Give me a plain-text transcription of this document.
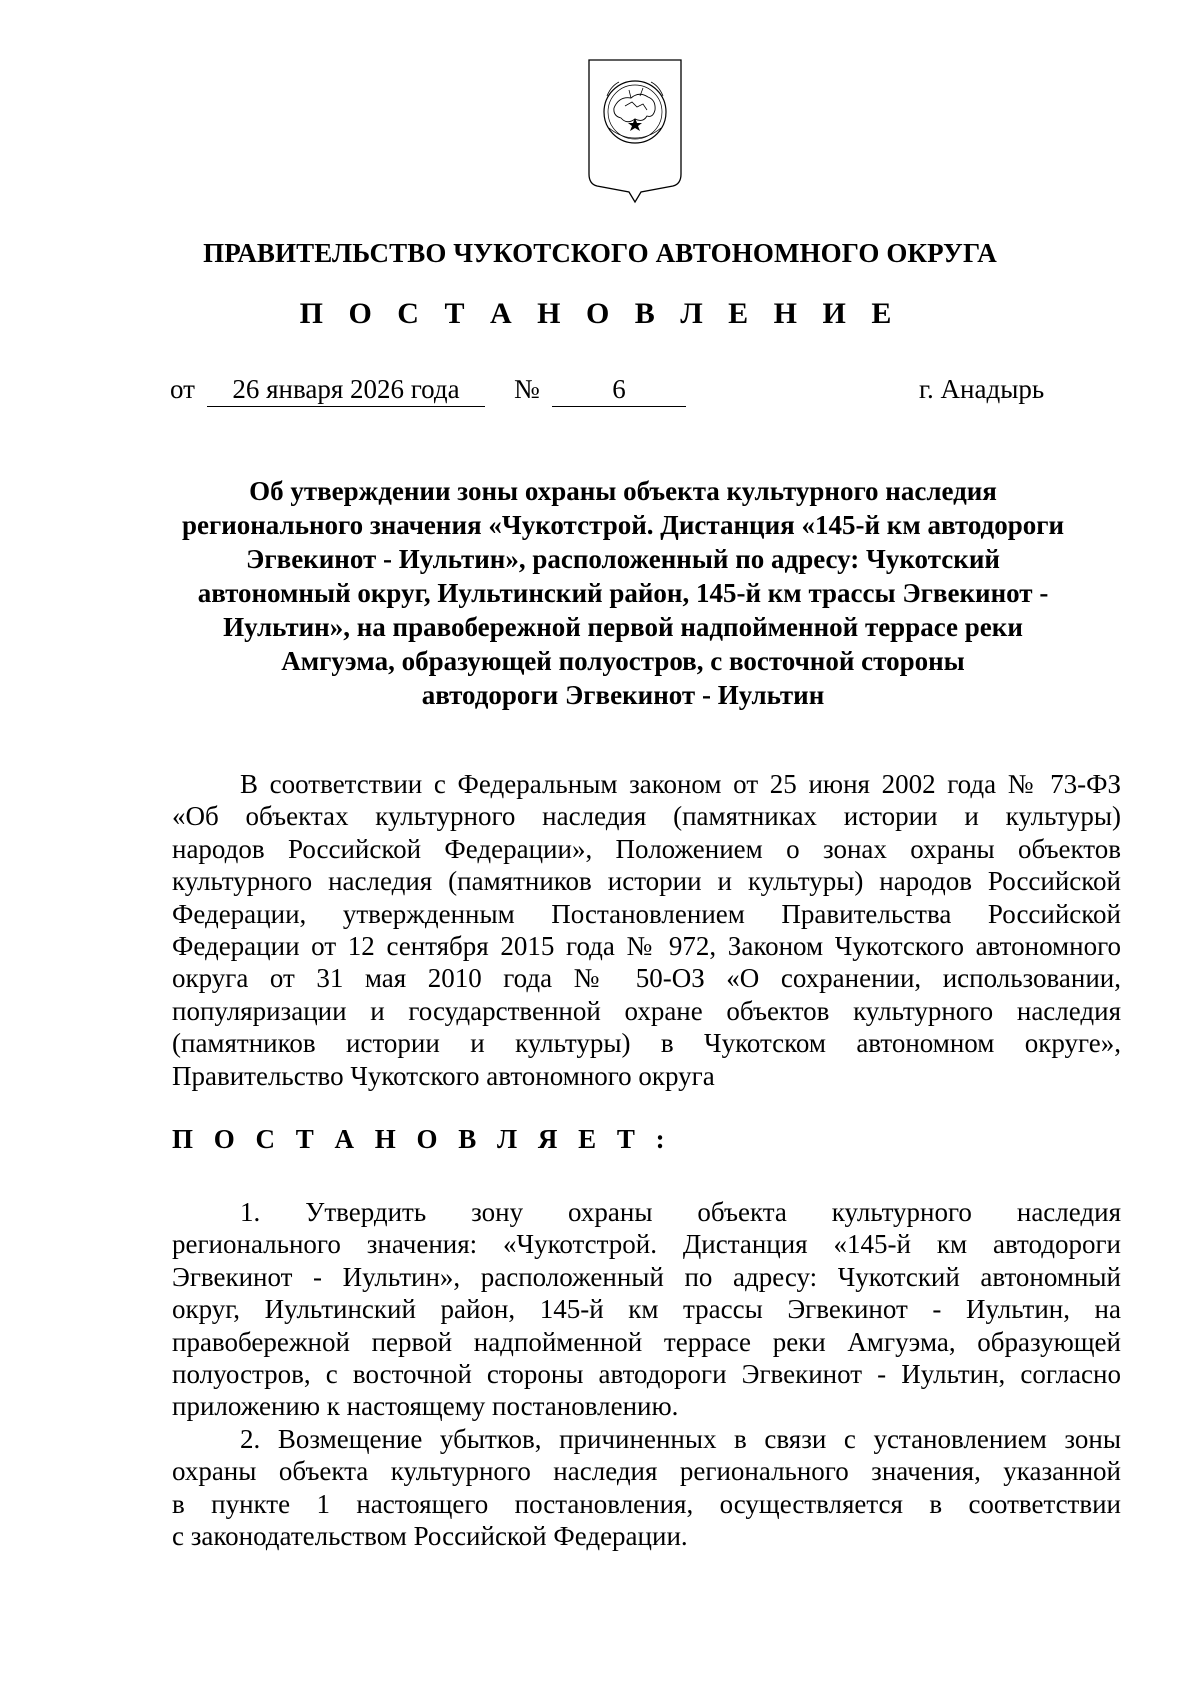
ПРАВИТЕЛЬСТВО ЧУКОТСКОГО АВТОНОМНОГО ОКРУГА
П О С Т А Н О В Л Е Н И Е
от	26 января 2026 года	№	6	г. Анадырь
Об утверждении зоны охраны объекта культурного наследия
регионального значения «Чукотстрой. Дистанция «145-й км автодороги
Эгвекинот - Иультин», расположенный по адресу: Чукотский
автономный округ, Иультинский район, 145-й км трассы Эгвекинот -
Иультин», на правобережной первой надпойменной террасе реки
Амгуэма, образующей полуостров, с восточной стороны
автодороги Эгвекинот - Иультин
В соответствии с Федеральным законом от 25 июня 2002 года № 73-ФЗ
«Об объектах культурного наследия (памятниках истории и культуры)
народов Российской Федерации», Положением о зонах охраны объектов
культурного наследия (памятников истории и культуры) народов Российской
Федерации, утвержденным Постановлением Правительства Российской
Федерации от 12 сентября 2015 года № 972, Законом Чукотского автономного
округа от 31 мая 2010 года № 50-ОЗ «О сохранении, использовании,
популяризации и государственной охране объектов культурного наследия
(памятников истории и культуры) в Чукотском автономном округе»,
Правительство Чукотского автономного округа
П О С Т А Н О В Л Я Е Т :
1. Утвердить зону охраны объекта культурного наследия
регионального значения: «Чукотстрой. Дистанция «145-й км автодороги
Эгвекинот - Иультин», расположенный по адресу: Чукотский автономный
округ, Иультинский район, 145-й км трассы Эгвекинот - Иультин, на
правобережной первой надпойменной террасе реки Амгуэма, образующей
полуостров, с восточной стороны автодороги Эгвекинот - Иультин, согласно
приложению к настоящему постановлению.
2. Возмещение убытков, причиненных в связи с установлением зоны
охраны объекта культурного наследия регионального значения, указанной
в пункте 1 настоящего постановления, осуществляется в соответствии
с законодательством Российской Федерации.
